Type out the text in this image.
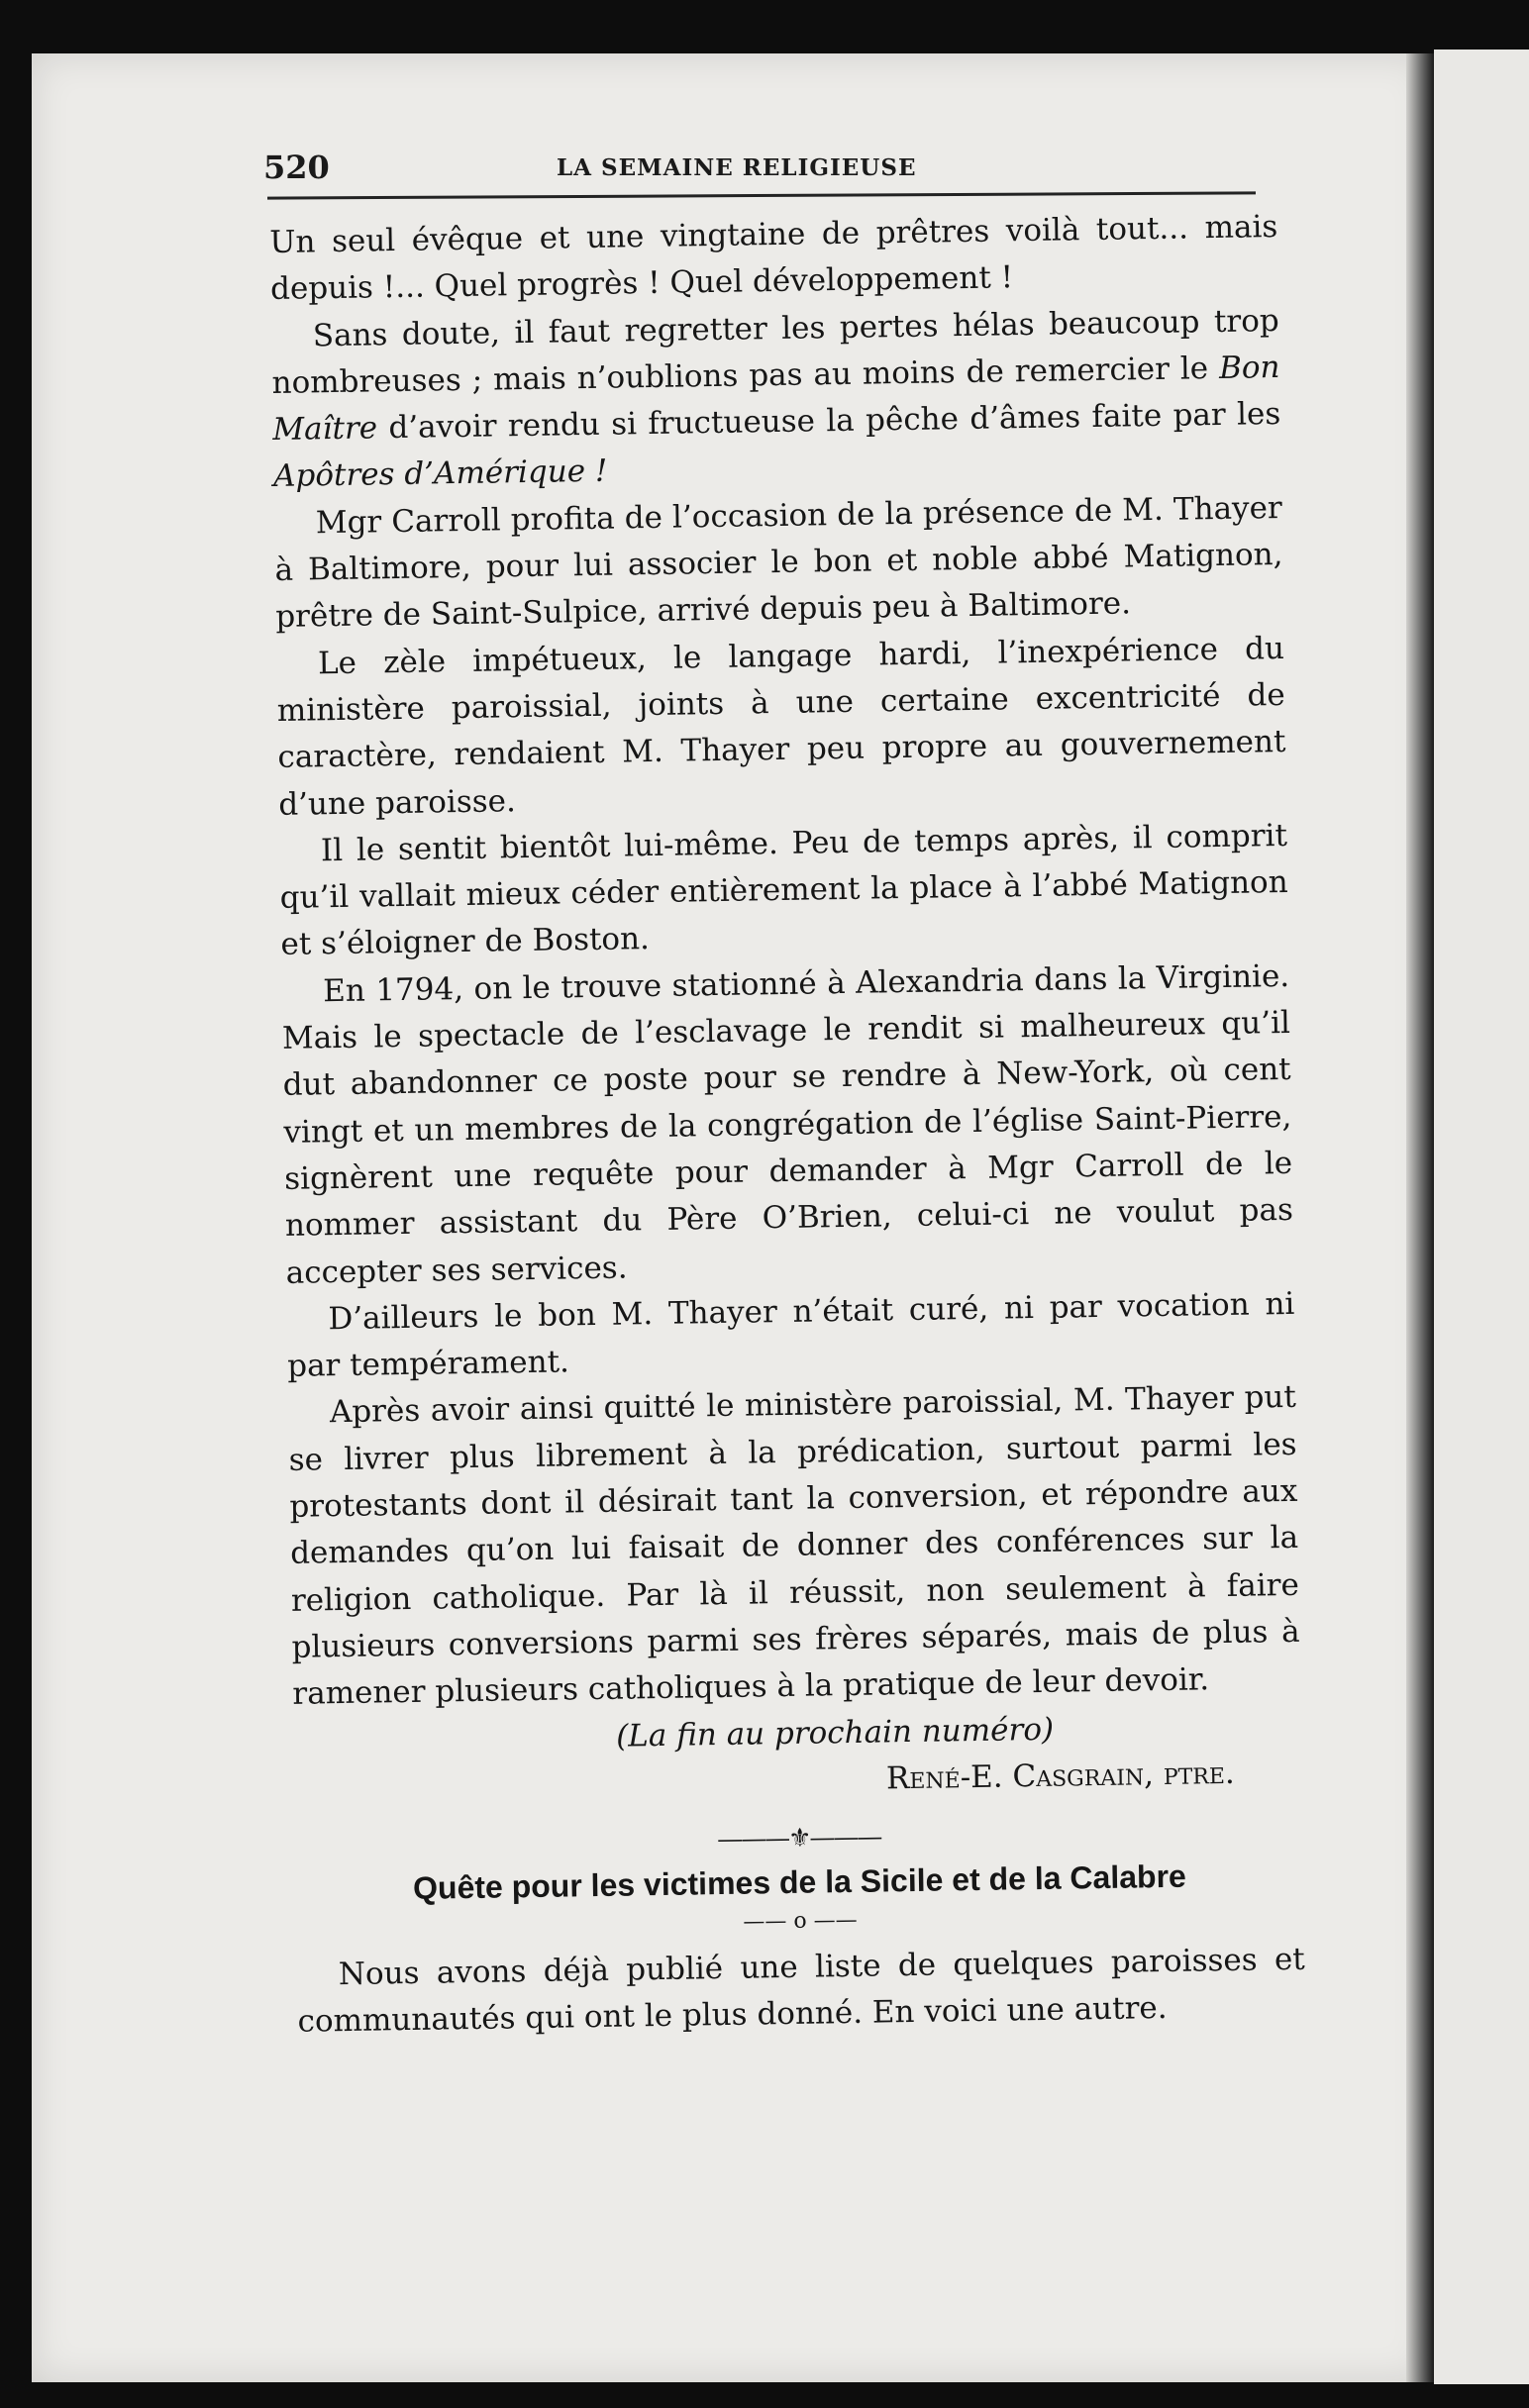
520	LA SEMAINE RELIGIEUSE

Un seul évêque et une vingtaine de prêtres voilà tout... mais depuis !... Quel progrès ! Quel développement !

Sans doute, il faut regretter les pertes hélas beaucoup trop nombreuses ; mais n’oublions pas au moins de remercier le Bon Maître d’avoir rendu si fructueuse la pêche d’âmes faite par les Apôtres d’Amérique !

Mgr Carroll profita de l’occasion de la présence de M. Thayer à Baltimore, pour lui associer le bon et noble abbé Matignon, prêtre de Saint-Sulpice, arrivé depuis peu à Baltimore.

Le zèle impétueux, le langage hardi, l’inexpérience du ministère paroissial, joints à une certaine excentricité de caractère, rendaient M. Thayer peu propre au gouvernement d’une paroisse.

Il le sentit bientôt lui-même. Peu de temps après, il comprit qu’il vallait mieux céder entièrement la place à l’abbé Matignon et s’éloigner de Boston.

En 1794, on le trouve stationné à Alexandria dans la Virginie. Mais le spectacle de l’esclavage le rendit si malheureux qu’il dut abandonner ce poste pour se rendre à New-York, où cent vingt et un membres de la congrégation de l’église Saint-Pierre, signèrent une requête pour demander à Mgr Carroll de le nommer assistant du Père O’Brien, celui-ci ne voulut pas accepter ses services.

D’ailleurs le bon M. Thayer n’était curé, ni par vocation ni par tempérament.

Après avoir ainsi quitté le ministère paroissial, M. Thayer put se livrer plus librement à la prédication, surtout parmi les protestants dont il désirait tant la conversion, et répondre aux demandes qu’on lui faisait de donner des conférences sur la religion catholique. Par là il réussit, non seulement à faire plusieurs conversions parmi ses frères séparés, mais de plus à ramener plusieurs catholiques à la pratique de leur devoir.

(La fin au prochain numéro)
René-E. Casgrain, ptre.
———⚜———
Quête pour les victimes de la Sicile et de la Calabre
—— o ——

Nous avons déjà publié une liste de quelques paroisses et communautés qui ont le plus donné. En voici une autre.
